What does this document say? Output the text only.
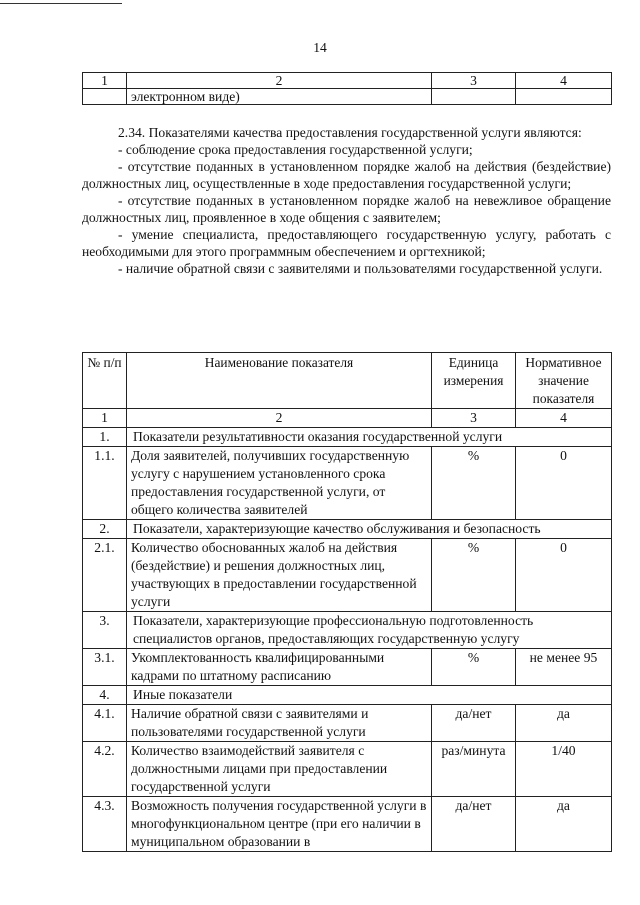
14
1	2	3	4
	электронном виде)		

2.34. Показателями качества предоставления государственной услуги являются:

- соблюдение срока предоставления государственной услуги;

- отсутствие поданных в установленном порядке жалоб на действия (бездействие) должностных лиц, осуществленные в ходе предоставления государственной услуги;

- отсутствие поданных в установленном порядке жалоб на невежливое обращение должностных лиц, проявленное в ходе общения с заявителем;

- умение специалиста, предоставляющего государственную услугу, работать с необходимыми для этого программным обеспечением и оргтехникой;

- наличие обратной связи с заявителями и пользователями государственной услуги.

№ п/п	Наименование показателя	Единица измерения	Нормативное значение показателя
1	2	3	4
1.	Показатели результативности оказания государственной услуги		
1.1.	Доля заявителей, получивших государственную услугу с нарушением установленного срока предоставления государственной услуги, от общего количества заявителей	%	0
2.	Показатели, характеризующие качество обслуживания и безопасность		
2.1.	Количество обоснованных жалоб на действия (бездействие) и решения должностных лиц, участвующих в предоставлении государственной услуги	%	0
3.	Показатели, характеризующие профессиональную подготовленность специалистов органов, предоставляющих государственную услугу		
3.1.	Укомплектованность квалифицированными кадрами по штатному расписанию	%	не менее 95
4.	Иные показатели		
4.1.	Наличие обратной связи с заявителями и пользователями государственной услуги	да/нет	да
4.2.	Количество взаимодействий заявителя с должностными лицами при предоставлении государственной услуги	раз/минута	1/40
4.3.	Возможность получения государственной услуги в многофункциональном центре (при его наличии в муниципальном образовании в	да/нет	да
